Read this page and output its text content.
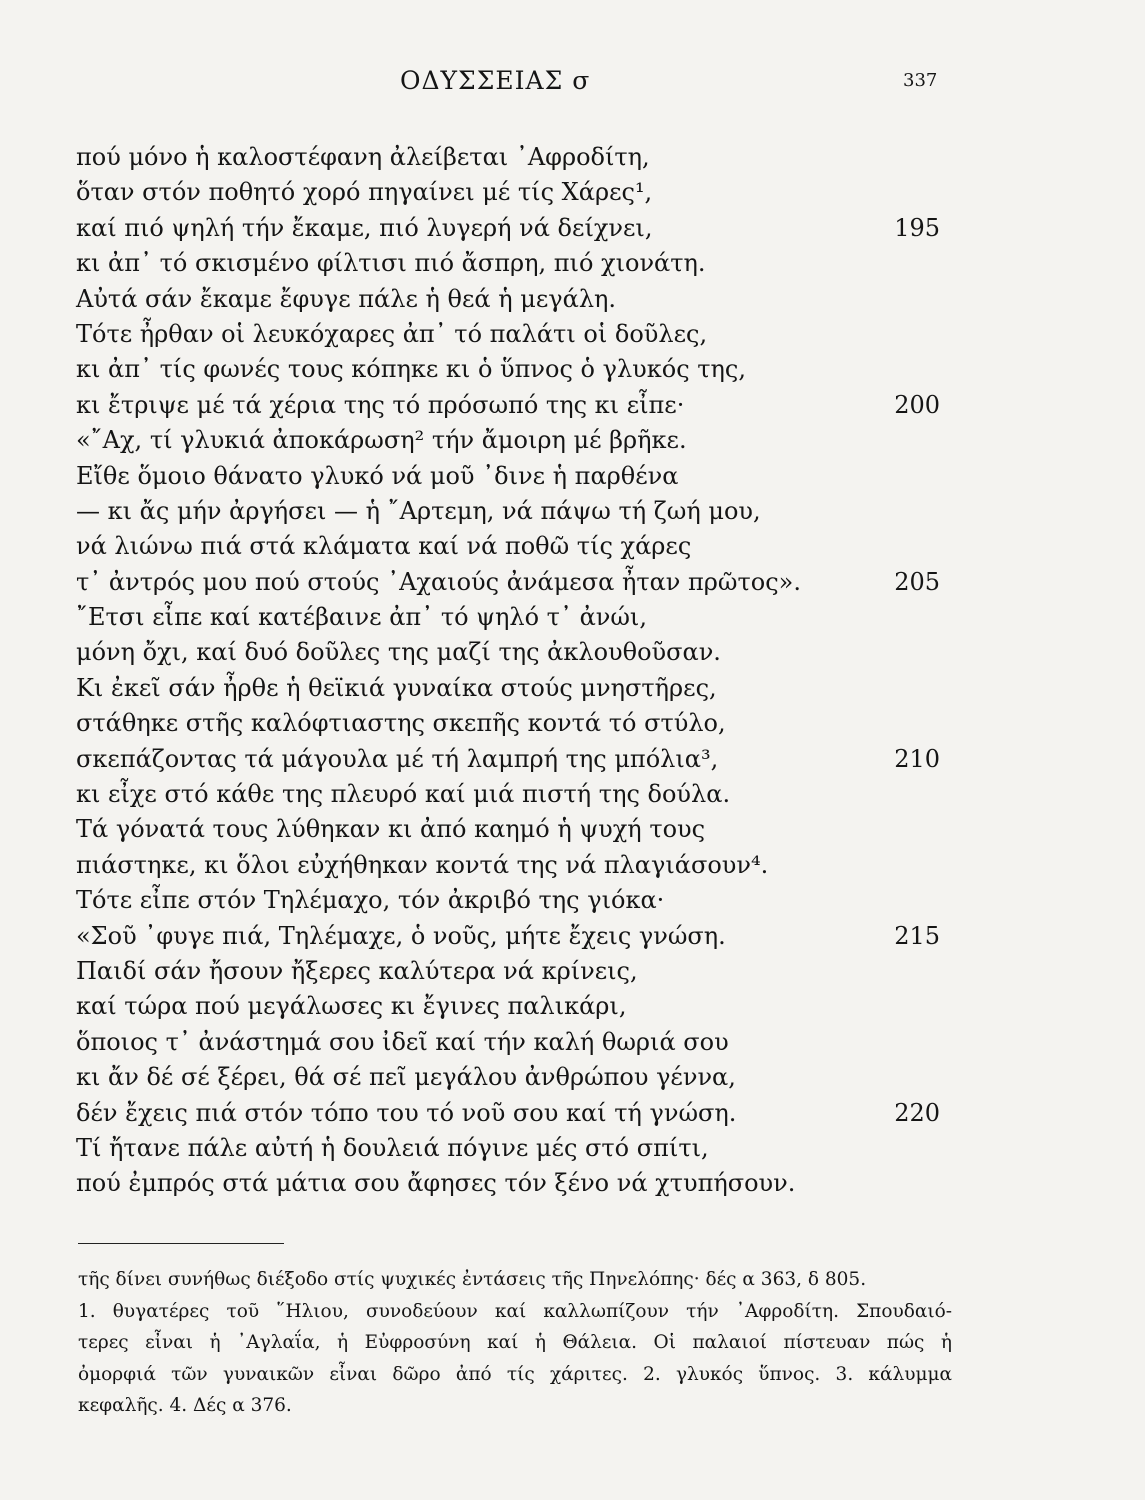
ΟΔΥΣΣΕΙΑΣ σ	337
πού μόνο ἡ καλοστέφανη ἀλείβεται ᾿Αφροδίτη,
ὅταν στόν ποθητό χορό πηγαίνει μέ τίς Χάρες¹,
καί πιό ψηλή τήν ἔκαμε, πιό λυγερή νά δείχνει,	195
κι ἀπ᾿ τό σκισμένο φίλτισι πιό ἄσπρη, πιό χιονάτη.
Αὐτά σάν ἔκαμε ἔφυγε πάλε ἡ θεά ἡ μεγάλη.
Τότε ἦρθαν οἱ λευκόχαρες ἀπ᾿ τό παλάτι οἱ δοῦλες,
κι ἀπ᾿ τίς φωνές τους κόπηκε κι ὁ ὕπνος ὁ γλυκός της,
κι ἔτριψε μέ τά χέρια της τό πρόσωπό της κι εἶπε·	200
«῎Αχ, τί γλυκιά ἀποκάρωση² τήν ἄμοιρη μέ βρῆκε.
Εἴθε ὅμοιο θάνατο γλυκό νά μοῦ ᾿δινε ἡ παρθένα
— κι ἄς μήν ἀργήσει — ἡ ῎Αρτεμη, νά πάψω τή ζωή μου,
νά λιώνω πιά στά κλάματα καί νά ποθῶ τίς χάρες
τ᾿ ἀντρός μου πού στούς ᾿Αχαιούς ἀνάμεσα ἦταν πρῶτος».	205
῎Ετσι εἶπε καί κατέβαινε ἀπ᾿ τό ψηλό τ᾿ ἀνώι,
μόνη ὄχι, καί δυό δοῦλες της μαζί της ἀκλουθοῦσαν.
Κι ἐκεῖ σάν ἦρθε ἡ θεϊκιά γυναίκα στούς μνηστῆρες,
στάθηκε στῆς καλόφτιαστης σκεπῆς κοντά τό στύλο,
σκεπάζοντας τά μάγουλα μέ τή λαμπρή της μπόλια³,	210
κι εἶχε στό κάθε της πλευρό καί μιά πιστή της δούλα.
Τά γόνατά τους λύθηκαν κι ἀπό καημό ἡ ψυχή τους
πιάστηκε, κι ὅλοι εὐχήθηκαν κοντά της νά πλαγιάσουν⁴.
Τότε εἶπε στόν Τηλέμαχο, τόν ἀκριβό της γιόκα·
«Σοῦ ᾿φυγε πιά, Τηλέμαχε, ὁ νοῦς, μήτε ἔχεις γνώση.	215
Παιδί σάν ἤσουν ἤξερες καλύτερα νά κρίνεις,
καί τώρα πού μεγάλωσες κι ἔγινες παλικάρι,
ὅποιος τ᾿ ἀνάστημά σου ἰδεῖ καί τήν καλή θωριά σου
κι ἄν δέ σέ ξέρει, θά σέ πεῖ μεγάλου ἀνθρώπου γέννα,
δέν ἔχεις πιά στόν τόπο του τό νοῦ σου καί τή γνώση.	220
Τί ἤτανε πάλε αὐτή ἡ δουλειά πόγινε μές στό σπίτι,
πού ἐμπρός στά μάτια σου ἄφησες τόν ξένο νά χτυπήσουν.
τῆς δίνει συνήθως διέξοδο στίς ψυχικές ἐντάσεις τῆς Πηνελόπης· δές α 363, δ 805.
1. θυγατέρες τοῦ ῞Ηλιου, συνοδεύουν καί καλλωπίζουν τήν ᾿Αφροδίτη. Σπουδαιό-
τερες εἶναι ἡ ᾿Αγλαΐα, ἡ Εὐφροσύνη καί ἡ Θάλεια. Οἱ παλαιοί πίστευαν πώς ἡ
ὀμορφιά τῶν γυναικῶν εἶναι δῶρο ἀπό τίς χάριτες. 2. γλυκός ὕπνος. 3. κάλυμμα
κεφαλῆς. 4. Δές α 376.
